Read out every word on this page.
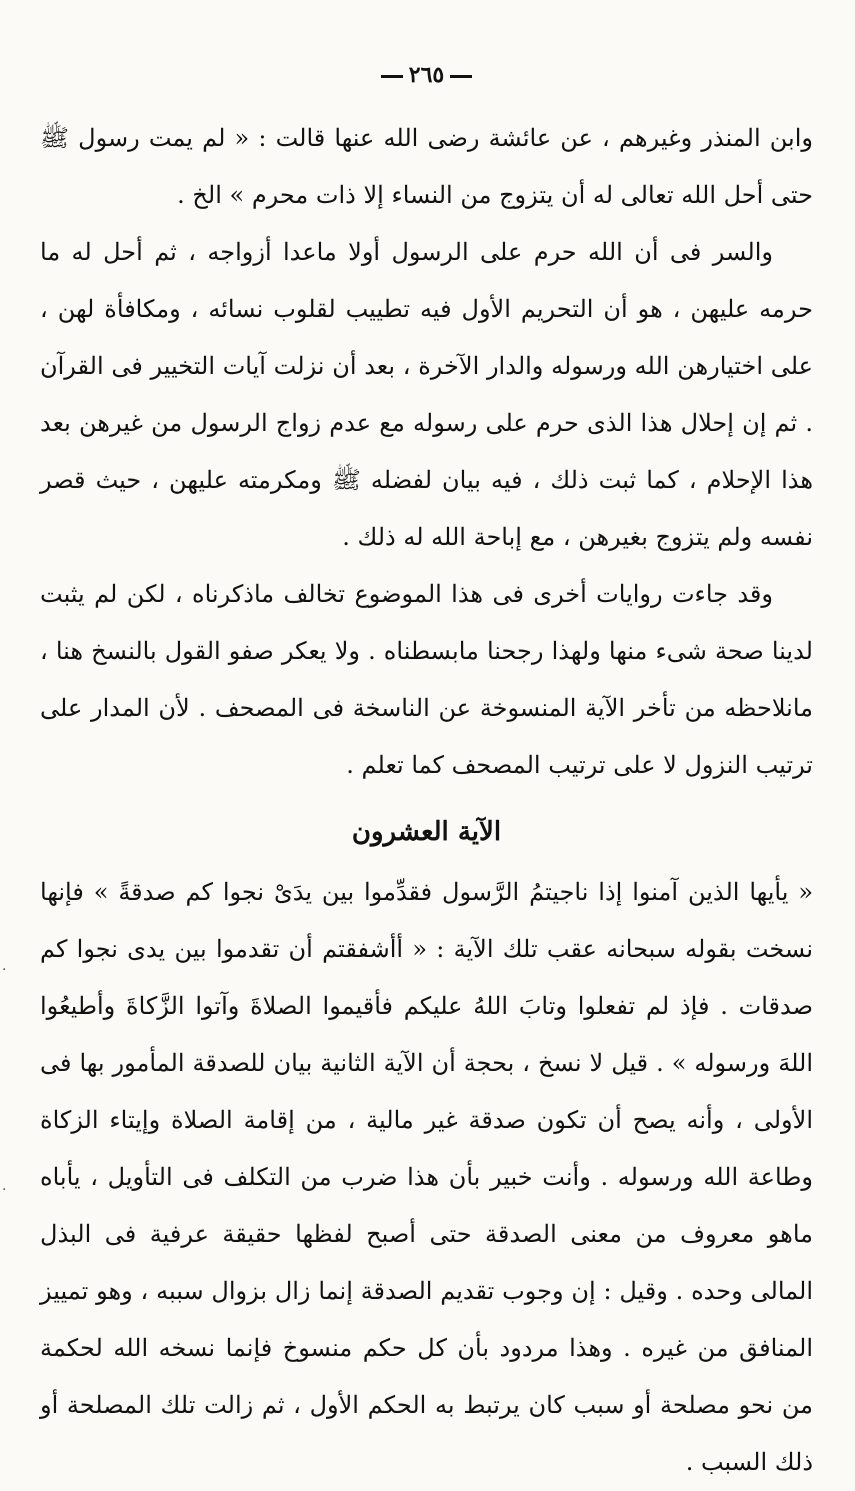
٢٦٥

وابن المنذر وغيرهم ، عن عائشة رضى الله عنها قالت : « لم يمت رسول ﷺ حتى أحل الله تعالى له أن يتزوج من النساء إلا ذات محرم » الخ .

والسر فى أن الله حرم على الرسول أولا ماعدا أزواجه ، ثم أحل له ما حرمه عليهن ، هو أن التحريم الأول فيه تطييب لقلوب نسائه ، ومكافأة لهن ، على اختيارهن الله ورسوله والدار الآخرة ، بعد أن نزلت آيات التخيير فى القرآن . ثم إن إحلال هذا الذى حرم على رسوله مع عدم زواج الرسول من غيرهن بعد هذا الإحلام ، كما ثبت ذلك ، فيه بيان لفضله ﷺ ومكرمته عليهن ، حيث قصر نفسه ولم يتزوج بغيرهن ، مع إباحة الله له ذلك .

وقد جاءت روايات أخرى فى هذا الموضوع تخالف ماذكرناه ، لكن لم يثبت لدينا صحة شىء منها ولهذا رجحنا مابسطناه . ولا يعكر صفو القول بالنسخ هنا ، مانلاحظه من تأخر الآية المنسوخة عن الناسخة فى المصحف . لأن المدار على ترتيب النزول لا على ترتيب المصحف كما تعلم .

الآية العشرون

« يأيها الذين آمنوا إذا ناجيتمُ الرَّسول فقدِّموا بين يدَىْ نجوا كم صدقةً » فإنها نسخت بقوله سبحانه عقب تلك الآية : « أأشفقتم أن تقدموا بين يدى نجوا كم صدقات . فإذ لم تفعلوا وتابَ اللهُ عليكم فأقيموا الصلاةَ وآتوا الزَّكاةَ وأطيعُوا اللهَ ورسوله » . قيل لا نسخ ، بحجة أن الآية الثانية بيان للصدقة المأمور بها فى الأولى ، وأنه يصح أن تكون صدقة غير مالية ، من إقامة الصلاة وإيتاء الزكاة وطاعة الله ورسوله . وأنت خبير بأن هذا ضرب من التكلف فى التأويل ، يأباه ماهو معروف من معنى الصدقة حتى أصبح لفظها حقيقة عرفية فى البذل المالى وحده . وقيل : إن وجوب تقديم الصدقة إنما زال بزوال سببه ، وهو تمييز المنافق من غيره . وهذا مردود بأن كل حكم منسوخ فإنما نسخه الله لحكمة من نحو مصلحة أو سبب كان يرتبط به الحكم الأول ، ثم زالت تلك المصلحة أو ذلك السبب .

·
·
